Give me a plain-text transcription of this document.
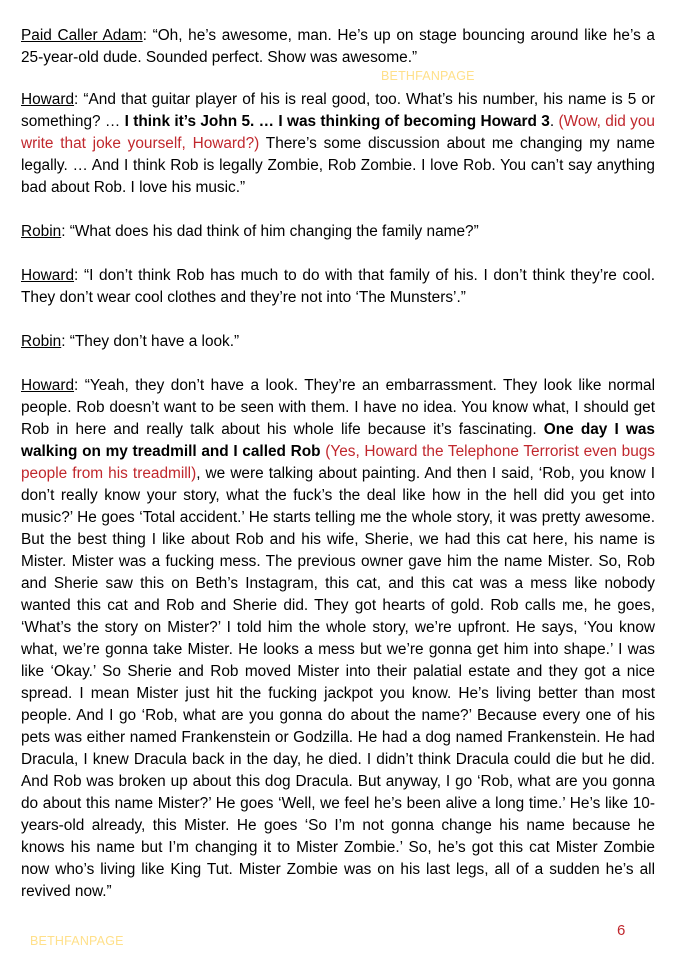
Paid Caller Adam: “Oh, he’s awesome, man. He’s up on stage bouncing around like he’s a 25-year-old dude. Sounded perfect. Show was awesome.”

Howard: “And that guitar player of his is real good, too. What’s his number, his name is 5 or something? … I think it’s John 5. … I was thinking of becoming Howard 3. (Wow, did you write that joke yourself, Howard?) There’s some discussion about me changing my name legally. … And I think Rob is legally Zombie, Rob Zombie. I love Rob. You can’t say anything bad about Rob. I love his music.”

Robin: “What does his dad think of him changing the family name?”

Howard: “I don’t think Rob has much to do with that family of his. I don’t think they’re cool. They don’t wear cool clothes and they’re not into ‘The Munsters’.”

Robin: “They don’t have a look.”

Howard: “Yeah, they don’t have a look. They’re an embarrassment. They look like normal people. Rob doesn’t want to be seen with them. I have no idea. You know what, I should get Rob in here and really talk about his whole life because it’s fascinating. One day I was walking on my treadmill and I called Rob (Yes, Howard the Telephone Terrorist even bugs people from his treadmill), we were talking about painting. And then I said, ‘Rob, you know I don’t really know your story, what the fuck’s the deal like how in the hell did you get into music?’ He goes ‘Total accident.’ He starts telling me the whole story, it was pretty awesome. But the best thing I like about Rob and his wife, Sherie, we had this cat here, his name is Mister. Mister was a fucking mess. The previous owner gave him the name Mister. So, Rob and Sherie saw this on Beth’s Instagram, this cat, and this cat was a mess like nobody wanted this cat and Rob and Sherie did. They got hearts of gold. Rob calls me, he goes, ‘What’s the story on Mister?’ I told him the whole story, we’re upfront. He says, ‘You know what, we’re gonna take Mister. He looks a mess but we’re gonna get him into shape.’ I was like ‘Okay.’ So Sherie and Rob moved Mister into their palatial estate and they got a nice spread. I mean Mister just hit the fucking jackpot you know. He’s living better than most people. And I go ‘Rob, what are you gonna do about the name?’ Because every one of his pets was either named Frankenstein or Godzilla. He had a dog named Frankenstein. He had Dracula, I knew Dracula back in the day, he died. I didn’t think Dracula could die but he did. And Rob was broken up about this dog Dracula. But anyway, I go ‘Rob, what are you gonna do about this name Mister?’ He goes ‘Well, we feel he’s been alive a long time.’ He’s like 10-years-old already, this Mister. He goes ‘So I’m not gonna change his name because he knows his name but I’m changing it to Mister Zombie.’ So, he’s got this cat Mister Zombie now who’s living like King Tut. Mister Zombie was on his last legs, all of a sudden he’s all revived now.”

BETHFANPAGE
6
BETHFANPAGE
